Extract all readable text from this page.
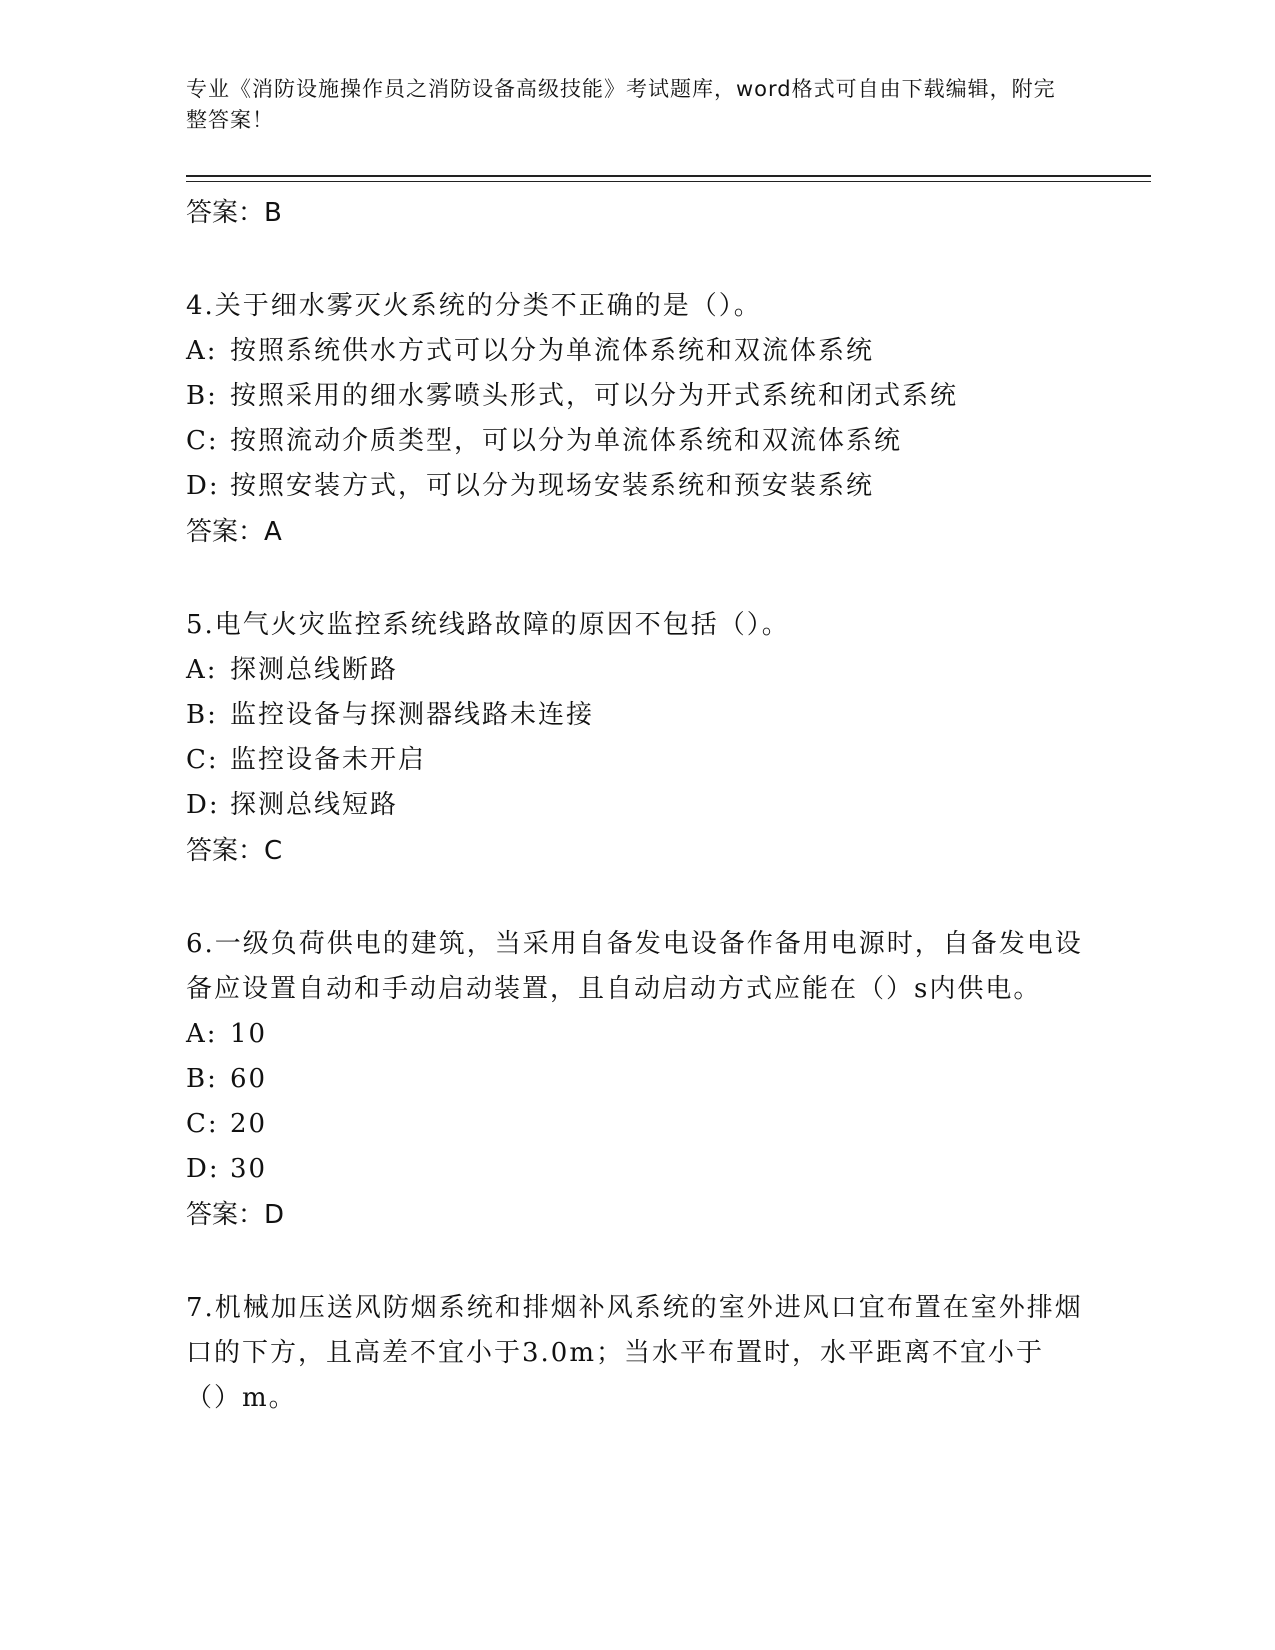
专业《消防设施操作员之消防设备高级技能》考试题库，word格式可自由下载编辑，附完整答案！
答案：B
4.关于细水雾灭火系统的分类不正确的是（）。
A: 按照系统供水方式可以分为单流体系统和双流体系统
B: 按照采用的细水雾喷头形式，可以分为开式系统和闭式系统
C: 按照流动介质类型，可以分为单流体系统和双流体系统
D: 按照安装方式，可以分为现场安装系统和预安装系统
答案：A
5.电气火灾监控系统线路故障的原因不包括（）。
A: 探测总线断路
B: 监控设备与探测器线路未连接
C: 监控设备未开启
D: 探测总线短路
答案：C
6.一级负荷供电的建筑，当采用自备发电设备作备用电源时，自备发电设备应设置自动和手动启动装置，且自动启动方式应能在（）s内供电。
A: 10
B: 60
C: 20
D: 30
答案：D
7.机械加压送风防烟系统和排烟补风系统的室外进风口宜布置在室外排烟口的下方，且高差不宜小于3.0m；当水平布置时，水平距离不宜小于（）m。
